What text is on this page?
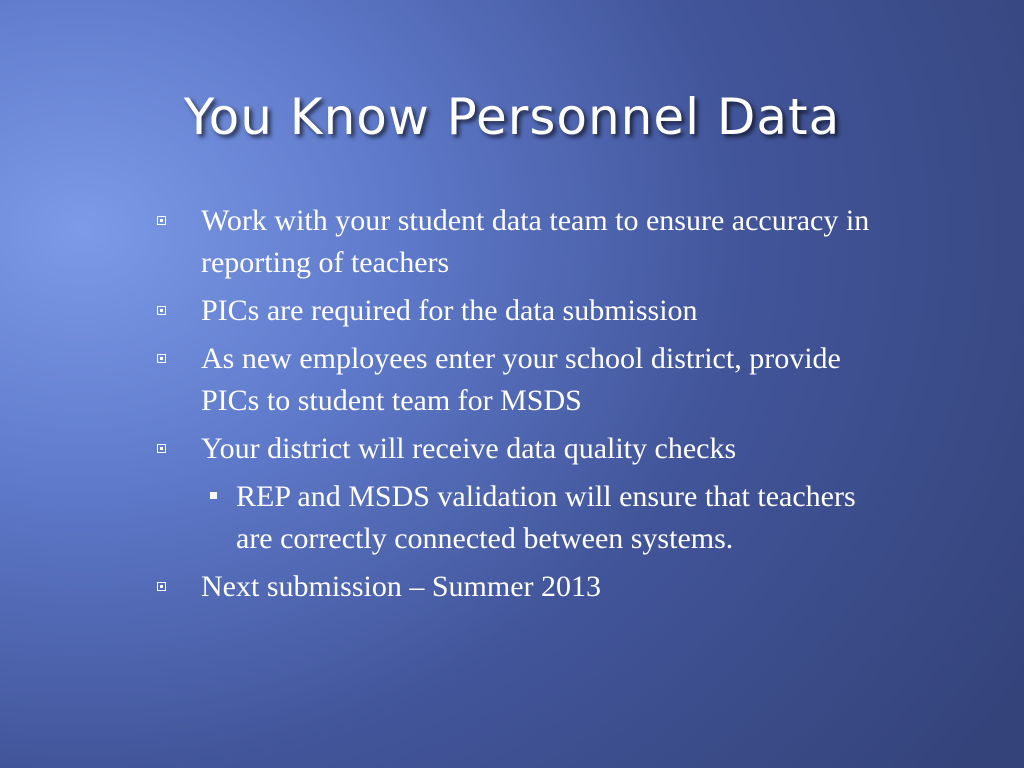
You Know Personnel Data
Work with your student data team to ensure accuracy in reporting of teachers
PICs are required for the data submission
As new employees enter your school district, provide PICs to student team for MSDS
Your district will receive data quality checks
REP and MSDS validation will ensure that teachers are correctly connected between systems.
Next submission – Summer 2013
